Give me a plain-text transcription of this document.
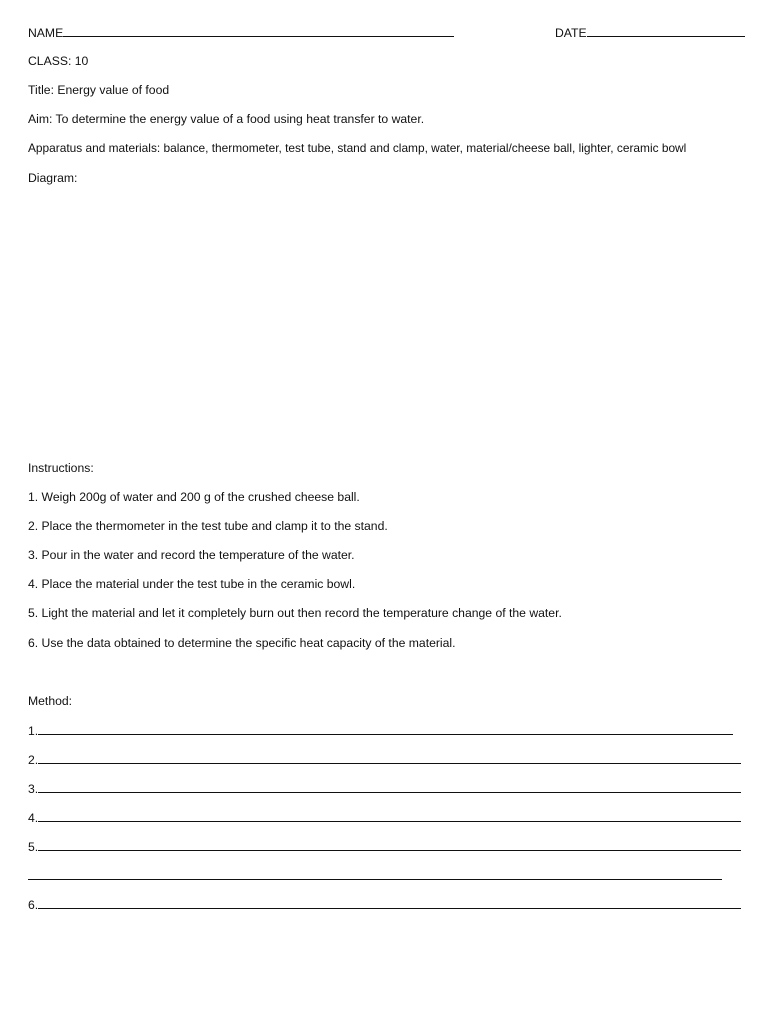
NAME	DATE
CLASS: 10
Title: Energy value of food
Aim: To determine the energy value of a food using heat transfer to water.
Apparatus and materials: balance, thermometer, test tube, stand and clamp, water, material/cheese ball, lighter, ceramic bowl
Diagram:
Instructions:
1. Weigh 200g of water and 200 g of the crushed cheese ball.
2. Place the thermometer in the test tube and clamp it to the stand.
3. Pour in the water and record the temperature of the water.
4. Place the material under the test tube in the ceramic bowl.
5. Light the material and let it completely burn out then record the temperature change of the water.
6. Use the data obtained to determine the specific heat capacity of the material.
Method:
1.
2.
3.
4.
5.
6.
